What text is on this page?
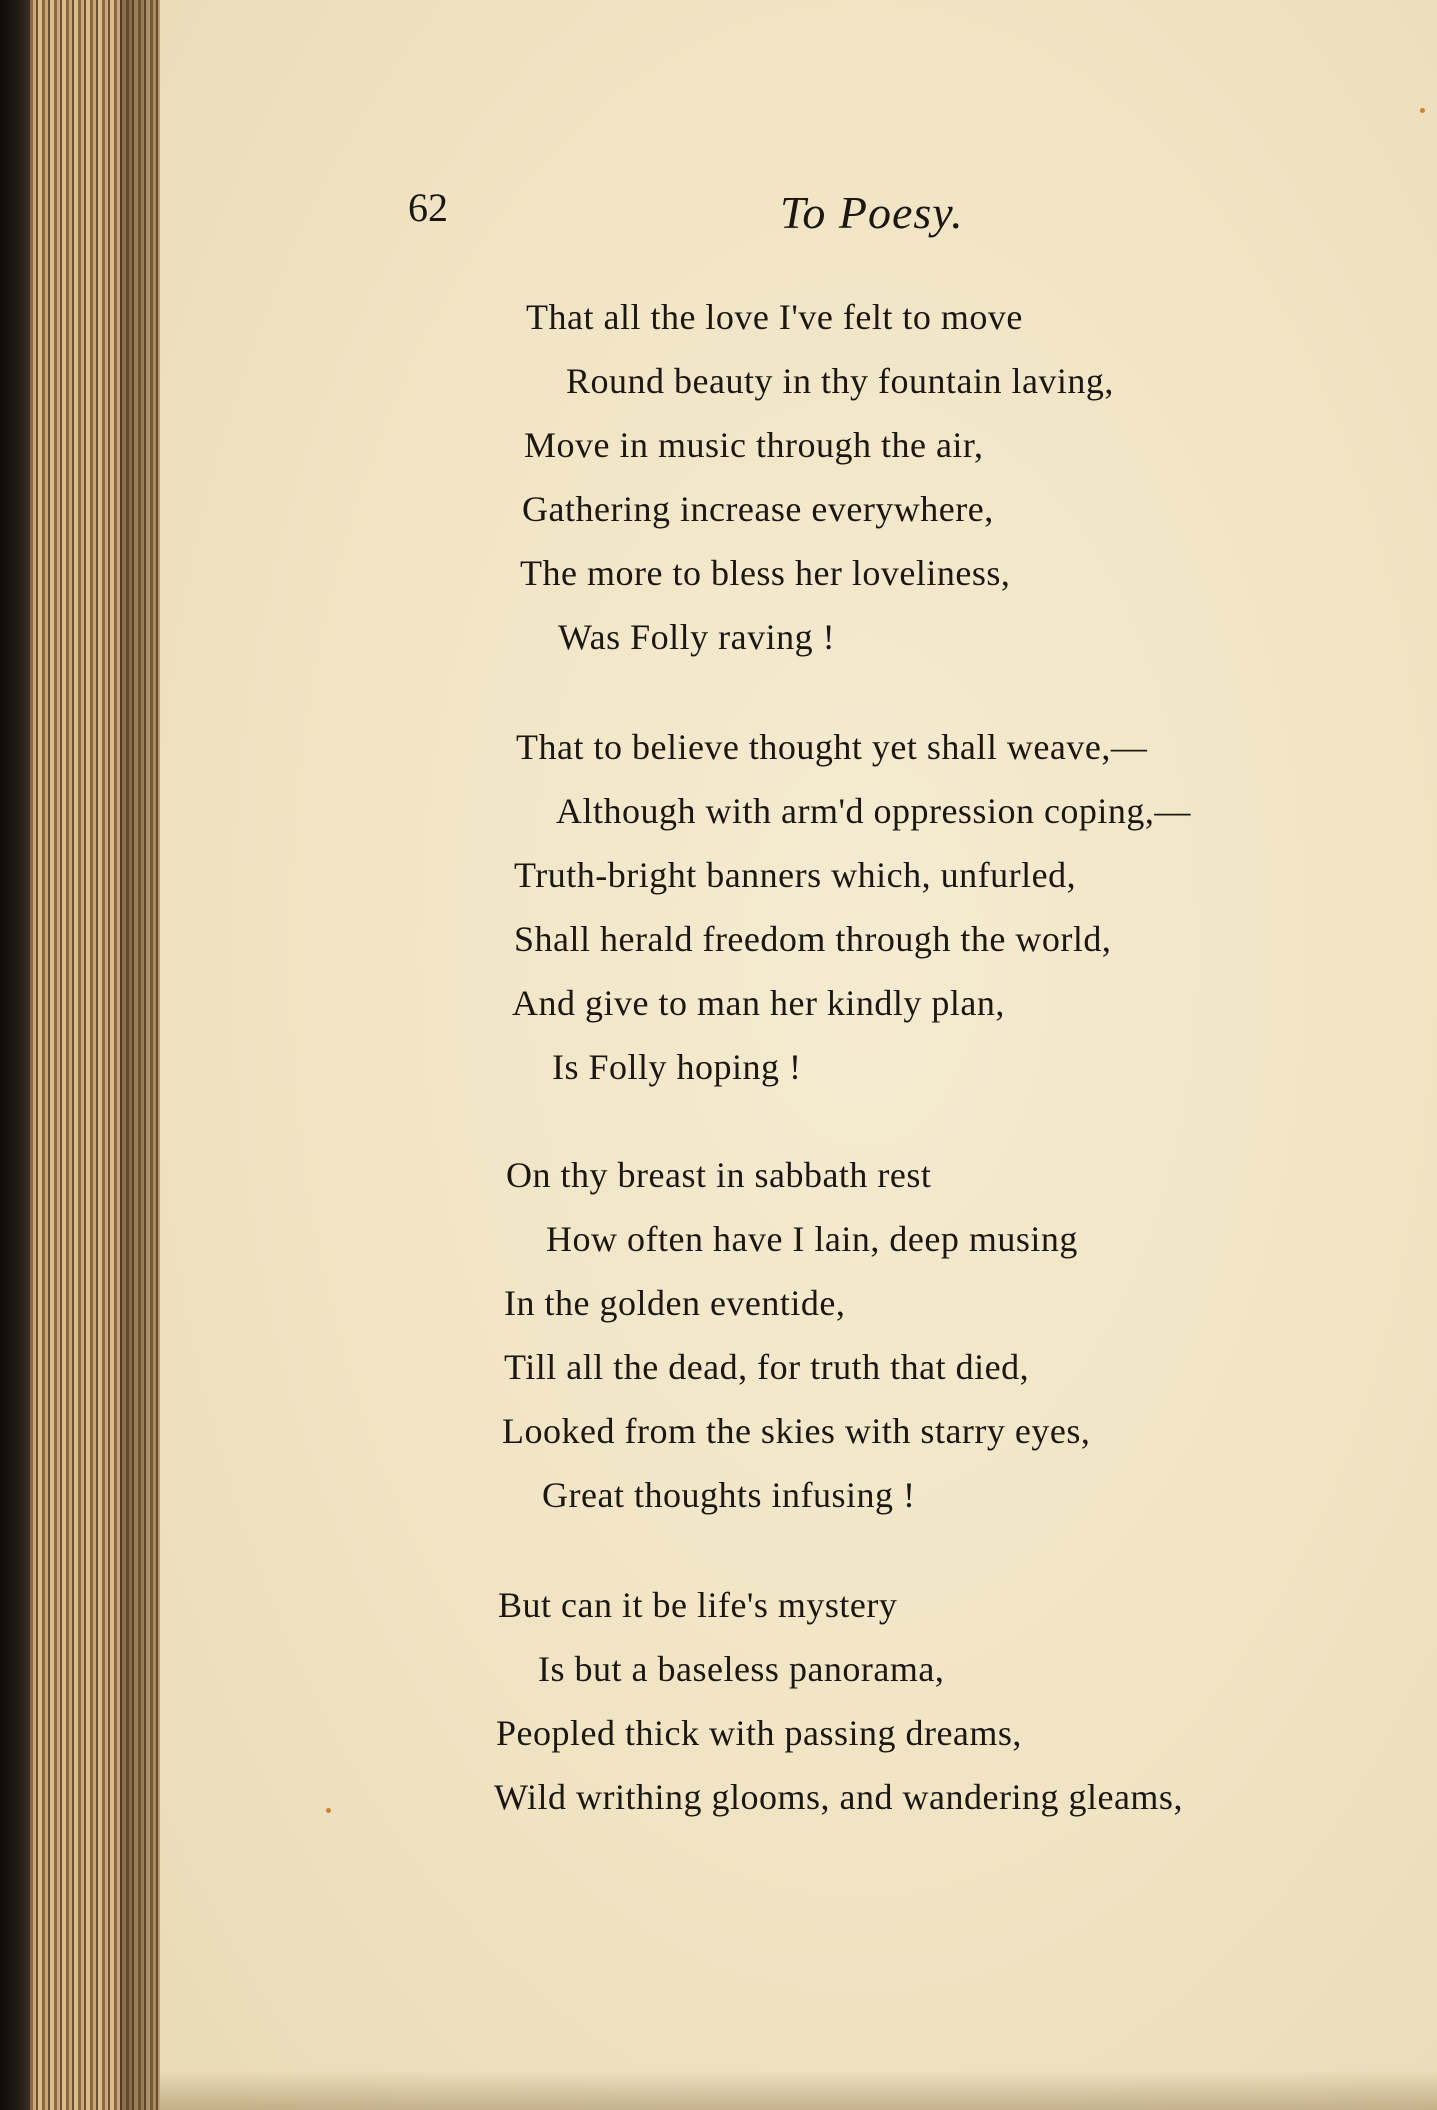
62	To Poesy.
That all the love I've felt to move
Round beauty in thy fountain laving,
Move in music through the air,
Gathering increase everywhere,
The more to bless her loveliness,
Was Folly raving !
That to believe thought yet shall weave,—
Although with arm'd oppression coping,—
Truth-bright banners which, unfurled,
Shall herald freedom through the world,
And give to man her kindly plan,
Is Folly hoping !
On thy breast in sabbath rest
How often have I lain, deep musing
In the golden eventide,
Till all the dead, for truth that died,
Looked from the skies with starry eyes,
Great thoughts infusing !
But can it be life's mystery
Is but a baseless panorama,
Peopled thick with passing dreams,
Wild writhing glooms, and wandering gleams,
